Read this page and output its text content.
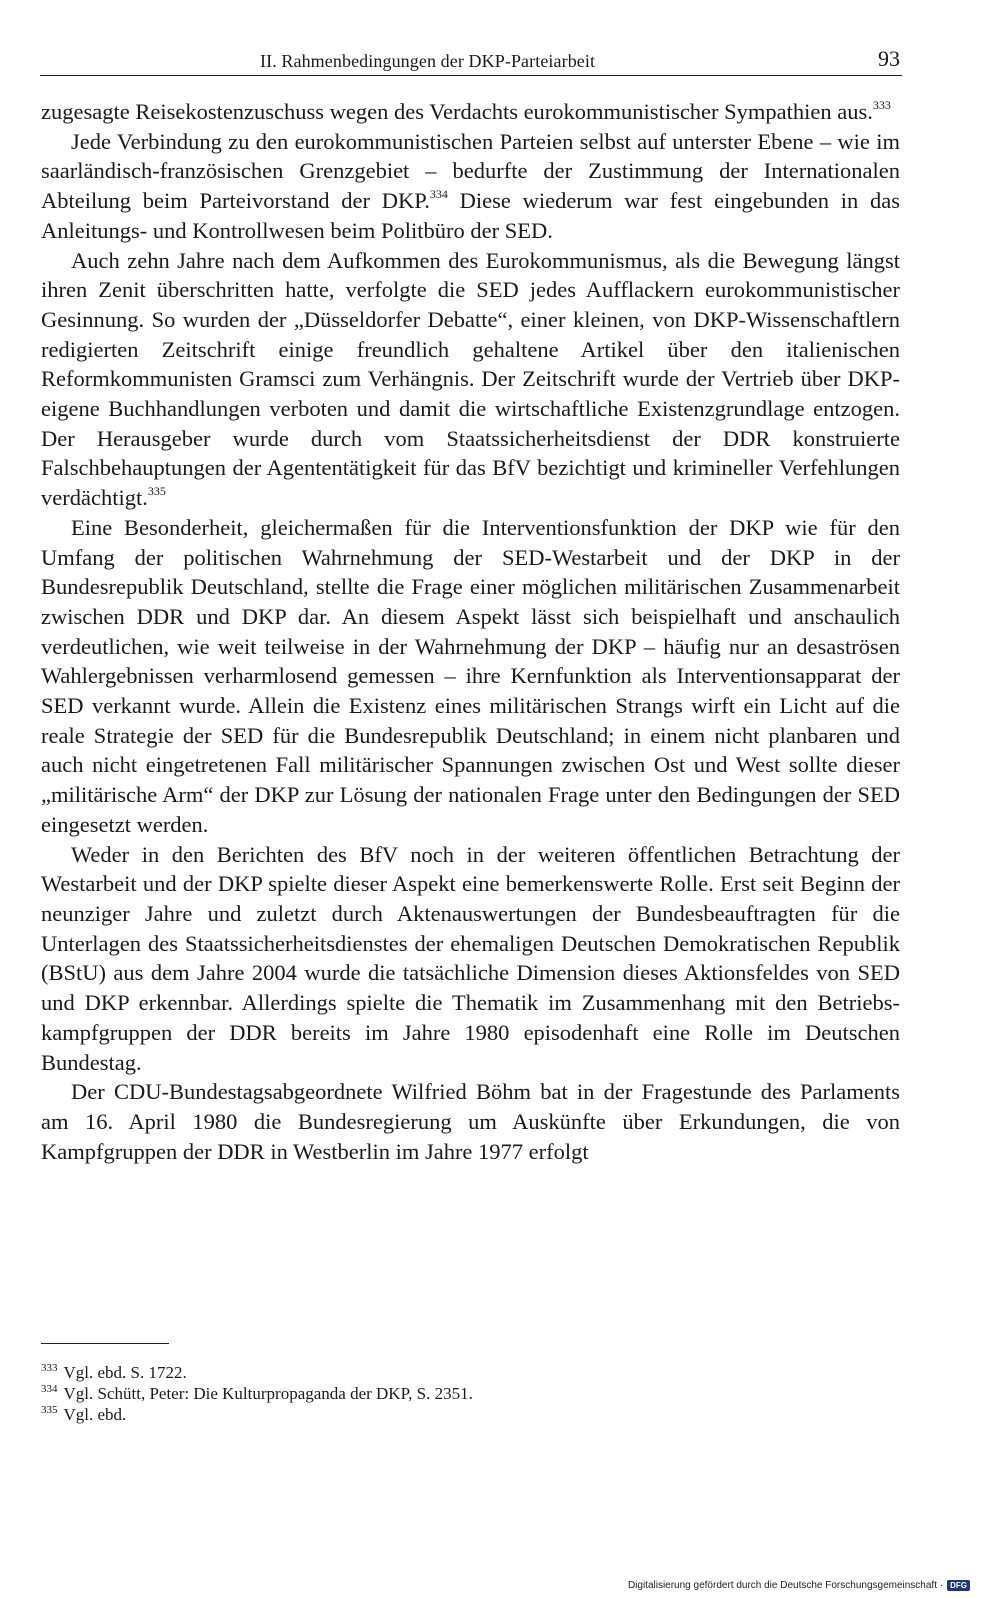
II. Rahmenbedingungen der DKP-Parteiarbeit	93

zugesagte Reisekostenzuschuss wegen des Verdachts eurokommunistischer Sympathien aus.$^{333}$

Jede Verbindung zu den eurokommunistischen Parteien selbst auf unterster Ebene – wie im saarländisch-französischen Grenzgebiet – bedurfte der Zustimmung der Internationalen Abteilung beim Parteivorstand der DKP.$^{334}$ Diese wiederum war fest eingebunden in das Anleitungs- und Kontrollwesen beim Politbüro der SED.

Auch zehn Jahre nach dem Aufkommen des Eurokommunismus, als die Bewegung längst ihren Zenit überschritten hatte, verfolgte die SED jedes Aufflackern eurokommunistischer Gesinnung. So wurden der „Düsseldorfer Debatte“, einer kleinen, von DKP-Wissenschaftlern redigierten Zeitschrift einige freundlich gehaltene Artikel über den italienischen Reformkommunisten Gramsci zum Verhängnis. Der Zeitschrift wurde der Vertrieb über DKP-eigene Buchhandlungen verboten und damit die wirtschaftliche Existenzgrundlage entzogen. Der Herausgeber wurde durch vom Staatssicherheitsdienst der DDR konstruierte Falschbehauptungen der Agententätigkeit für das BfV bezichtigt und krimineller Verfehlungen verdächtigt.$^{335}$

Eine Besonderheit, gleichermaßen für die Interventionsfunktion der DKP wie für den Umfang der politischen Wahrnehmung der SED-Westarbeit und der DKP in der Bundesrepublik Deutschland, stellte die Frage einer möglichen militärischen Zusammenarbeit zwischen DDR und DKP dar. An diesem Aspekt lässt sich beispielhaft und anschaulich verdeutlichen, wie weit teilweise in der Wahrnehmung der DKP – häufig nur an desaströsen Wahlergebnissen verharmlosend gemessen – ihre Kernfunktion als Interventionsapparat der SED verkannt wurde. Allein die Existenz eines militärischen Strangs wirft ein Licht auf die reale Strategie der SED für die Bundesrepublik Deutschland; in einem nicht planbaren und auch nicht eingetretenen Fall militärischer Spannungen zwischen Ost und West sollte dieser „militärische Arm“ der DKP zur Lösung der nationalen Frage unter den Bedingungen der SED eingesetzt werden.

Weder in den Berichten des BfV noch in der weiteren öffentlichen Betrachtung der Westarbeit und der DKP spielte dieser Aspekt eine bemerkenswerte Rolle. Erst seit Beginn der neunziger Jahre und zuletzt durch Aktenauswertungen der Bundesbeauftragten für die Unterlagen des Staatssicherheitsdienstes der ehemaligen Deutschen Demokratischen Republik (BStU) aus dem Jahre 2004 wurde die tatsächliche Dimension dieses Aktionsfeldes von SED und DKP erkennbar. Allerdings spielte die Thematik im Zusammenhang mit den Betriebskampfgruppen der DDR bereits im Jahre 1980 episodenhaft eine Rolle im Deutschen Bundestag.

Der CDU-Bundestagsabgeordnete Wilfried Böhm bat in der Fragestunde des Parlaments am 16. April 1980 die Bundesregierung um Auskünfte über Erkundungen, die von Kampfgruppen der DDR in Westberlin im Jahre 1977 erfolgt

$^{333}$ Vgl. ebd. S. 1722.

$^{334}$ Vgl. Schütt, Peter: Die Kulturpropaganda der DKP, S. 2351.

$^{335}$ Vgl. ebd.

Digitalisierung gefördert durch die Deutsche Forschungsgemeinschaft · DFG
